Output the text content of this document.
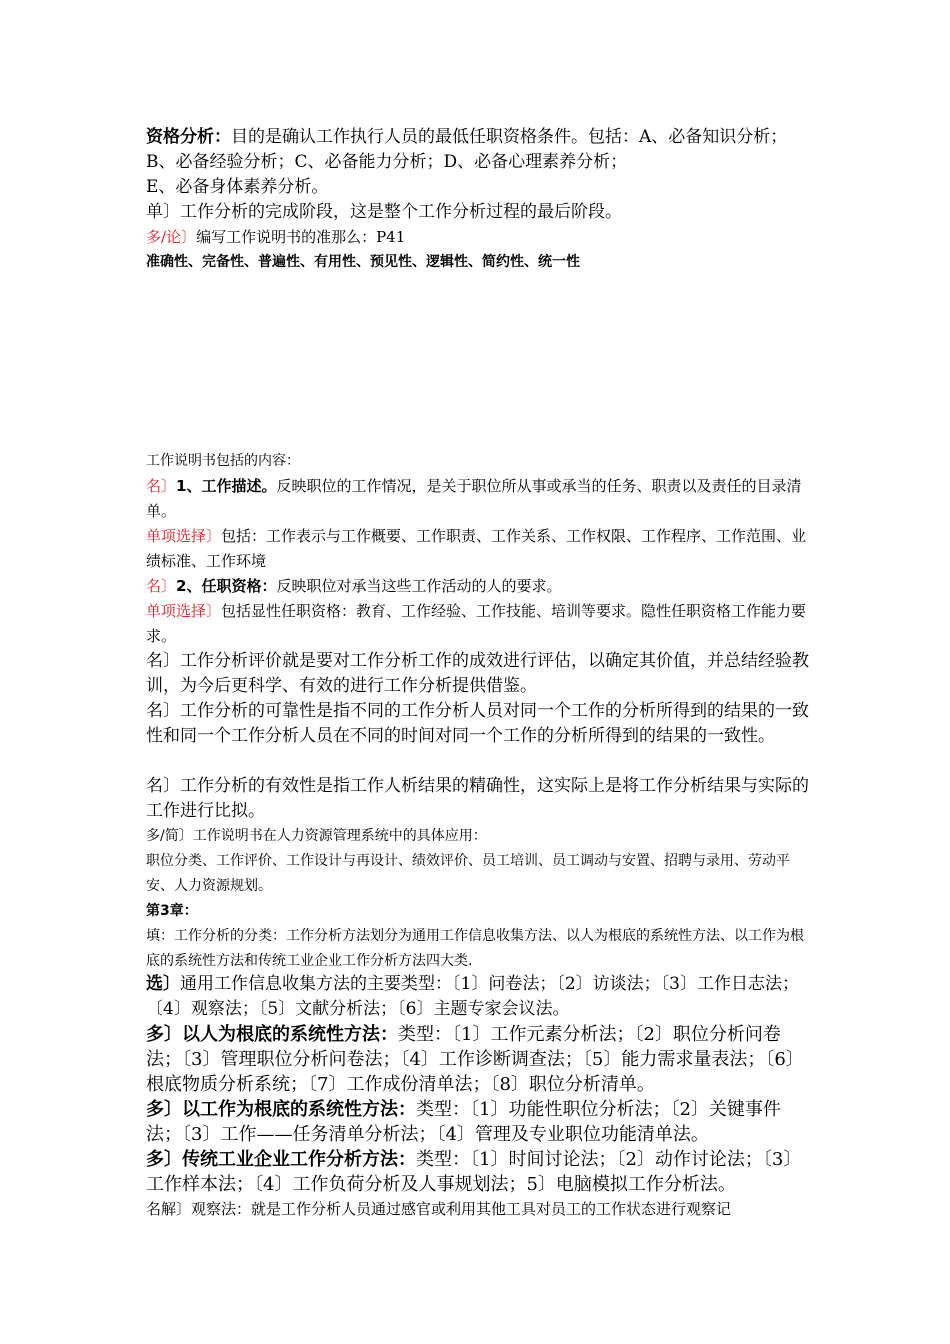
资格分析：目的是确认工作执行人员的最低任职资格条件。包括：A、必备知识分析；B、必备经验分析；C、必备能力分析；D、必备心理素养分析；

E、必备身体素养分析。

单〕工作分析的完成阶段，这是整个工作分析过程的最后阶段。

多/论〕编写工作说明书的准那么：P41

准确性、完备性、普遍性、有用性、预见性、逻辑性、简约性、统一性

工作说明书包括的内容：

名〕1、工作描述。反映职位的工作情况，是关于职位所从事或承当的任务、职责以及责任的目录清单。

单项选择〕包括：工作表示与工作概要、工作职责、工作关系、工作权限、工作程序、工作范围、业绩标准、工作环境

名〕2、任职资格：反映职位对承当这些工作活动的人的要求。

单项选择〕包括显性任职资格：教育、工作经验、工作技能、培训等要求。隐性任职资格工作能力要求。

名〕工作分析评价就是要对工作分析工作的成效进行评估，以确定其价值，并总结经验教训，为今后更科学、有效的进行工作分析提供借鉴。

名〕工作分析的可靠性是指不同的工作分析人员对同一个工作的分析所得到的结果的一致性和同一个工作分析人员在不同的时间对同一个工作的分析所得到的结果的一致性。

名〕工作分析的有效性是指工作人析结果的精确性，这实际上是将工作分析结果与实际的工作进行比拟。

多/简〕工作说明书在人力资源管理系统中的具体应用：

职位分类、工作评价、工作设计与再设计、绩效评价、员工培训、员工调动与安置、招聘与录用、劳动平安、人力资源规划。

第3章：

填：工作分析的分类：工作分析方法划分为通用工作信息收集方法、以人为根底的系统性方法、以工作为根底的系统性方法和传统工业企业工作分析方法四大类.

选〕通用工作信息收集方法的主要类型：〔1〕问卷法；〔2〕访谈法；〔3〕工作日志法；〔4〕观察法；〔5〕文献分析法；〔6〕主题专家会议法。

多〕以人为根底的系统性方法：类型：〔1〕工作元素分析法；〔2〕职位分析问卷法；〔3〕管理职位分析问卷法；〔4〕工作诊断调查法；〔5〕能力需求量表法；〔6〕根底物质分析系统；〔7〕工作成份清单法；〔8〕职位分析清单。

多〕以工作为根底的系统性方法：类型：〔1〕功能性职位分析法；〔2〕关键事件法；〔3〕工作——任务清单分析法；〔4〕管理及专业职位功能清单法。

多〕传统工业企业工作分析方法：类型：〔1〕时间讨论法；〔2〕动作讨论法；〔3〕工作样本法；〔4〕工作负荷分析及人事规划法；5〕电脑模拟工作分析法。

名解〕观察法：就是工作分析人员通过感官或利用其他工具对员工的工作状态进行观察记
